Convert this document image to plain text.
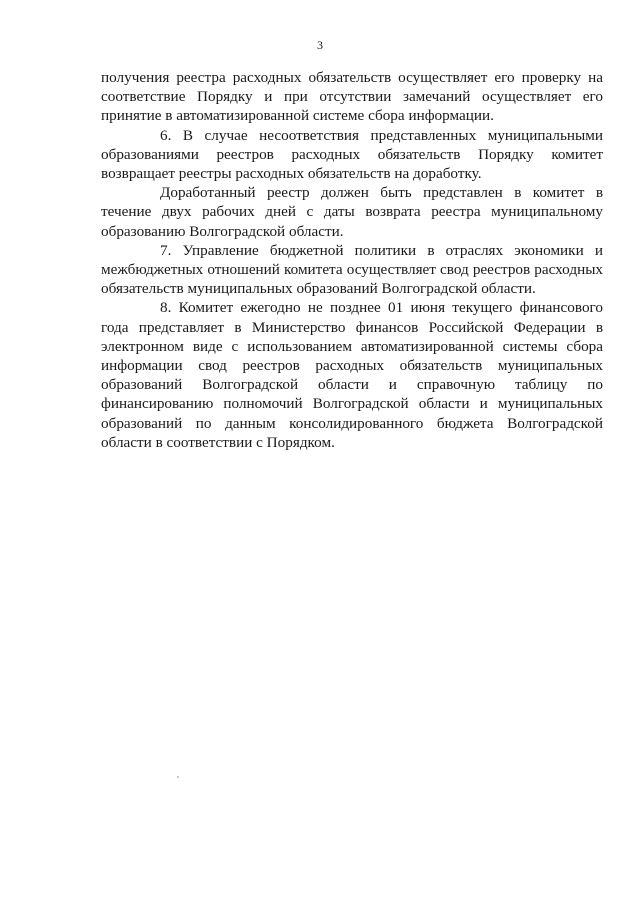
3

получения реестра расходных обязательств осуществляет его проверку на соответствие Порядку и при отсутствии замечаний осуществляет его принятие в автоматизированной системе сбора информации.

6. В случае несоответствия представленных муниципальными образованиями реестров расходных обязательств Порядку комитет возвращает реестры расходных обязательств на доработку.

Доработанный реестр должен быть представлен в комитет в течение двух рабочих дней с даты возврата реестра муниципальному образованию Волгоградской области.

7. Управление бюджетной политики в отраслях экономики и межбюджетных отношений комитета осуществляет свод реестров расходных обязательств муниципальных образований Волгоградской области.

8. Комитет ежегодно не позднее 01 июня текущего финансового года представляет в Министерство финансов Российской Федерации в электронном виде с использованием автоматизированной системы сбора информации свод реестров расходных обязательств муниципальных образований Волгоградской области и справочную таблицу по финансированию полномочий Волгоградской области и муниципальных образований по данным консолидированного бюджета Волгоградской области в соответствии с Порядком.
